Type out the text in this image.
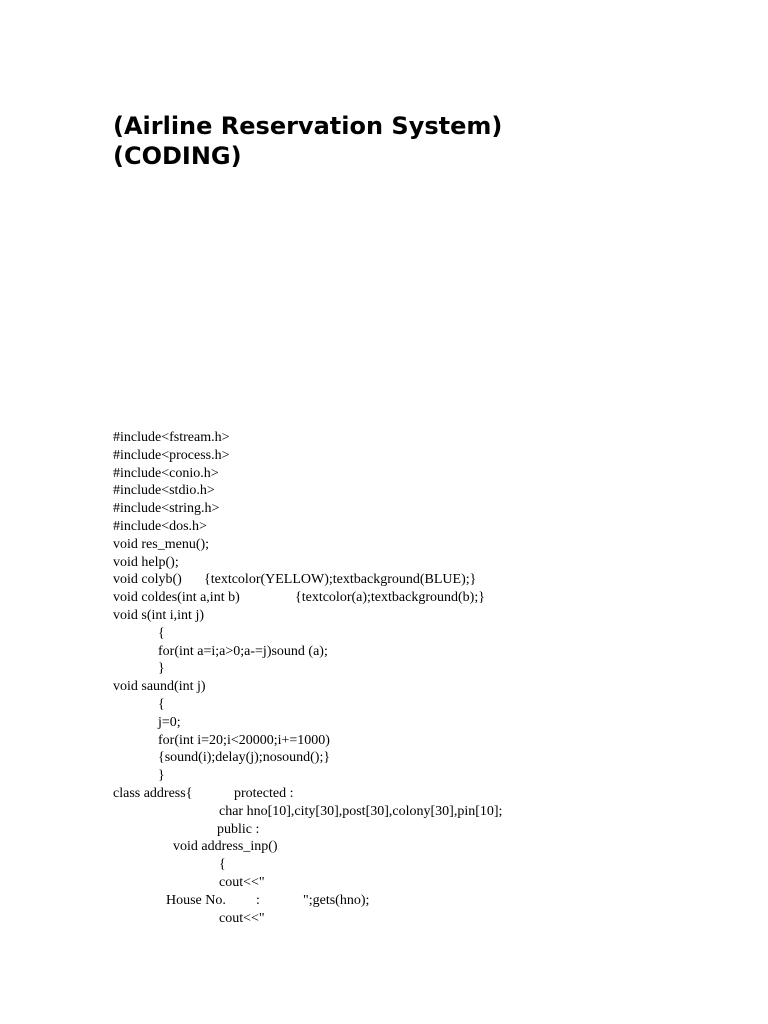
(Airline Reservation System)
(CODING)
#include<fstream.h>
#include<process.h>
#include<conio.h>
#include<stdio.h>
#include<string.h>
#include<dos.h>
void res_menu();
void help();
void colyb() {textcolor(YELLOW);textbackground(BLUE);}
void coldes(int a,int b)	{textcolor(a);textbackground(b);}
void s(int i,int j)
{
for(int a=i;a>0;a-=j)sound (a);
}
void saund(int j)
{
j=0;
for(int i=20;i<20000;i+=1000)
{sound(i);delay(j);nosound();}
}
class address{	protected :
char hno[10],city[30],post[30],colony[30],pin[10];
public :
void address_inp()
{
cout<<"
House No. :	";gets(hno);
cout<<"
